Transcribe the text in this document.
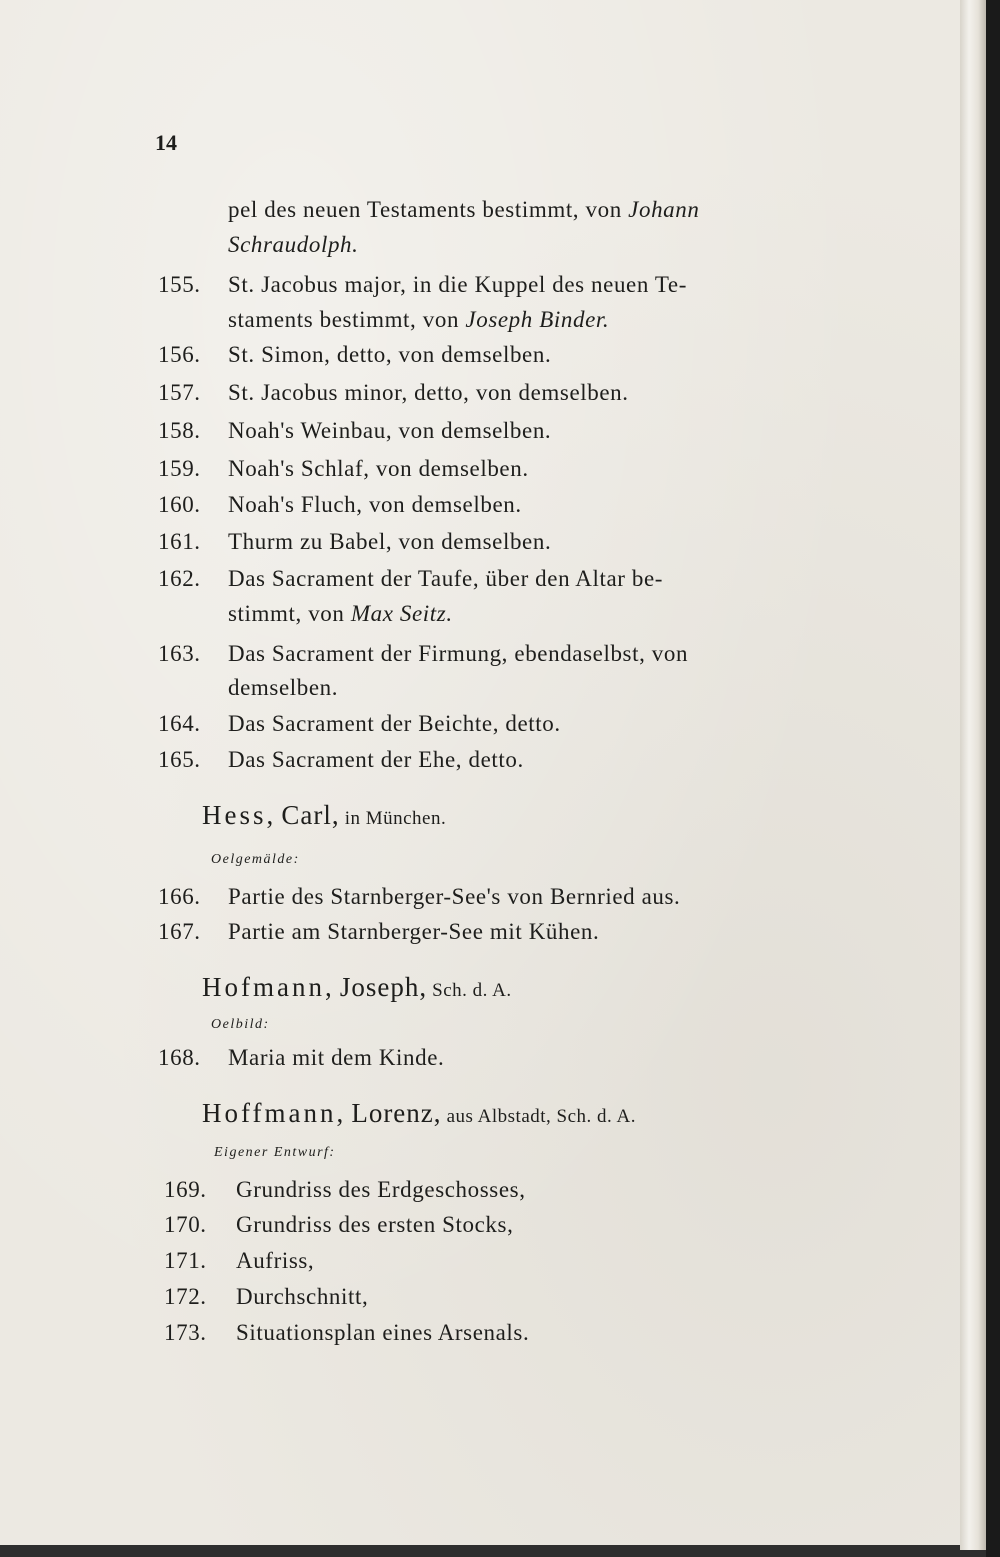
14
pel des neuen Testaments bestimmt, von Johann
Schraudolph.
155.	St. Jacobus major, in die Kuppel des neuen Te-
staments bestimmt, von Joseph Binder.
156.	St. Simon, detto, von demselben.
157.	St. Jacobus minor, detto, von demselben.
158.	Noah's Weinbau, von demselben.
159.	Noah's Schlaf, von demselben.
160.	Noah's Fluch, von demselben.
161.	Thurm zu Babel, von demselben.
162.	Das Sacrament der Taufe, über den Altar be-
stimmt, von Max Seitz.
163.	Das Sacrament der Firmung, ebendaselbst, von
demselben.
164.	Das Sacrament der Beichte, detto.
165.	Das Sacrament der Ehe, detto.
Hess, Carl, in München.
Oelgemälde:
166.	Partie des Starnberger-See's von Bernried aus.
167.	Partie am Starnberger-See mit Kühen.
Hofmann, Joseph, Sch. d. A.
Oelbild:
168.	Maria mit dem Kinde.
Hoffmann, Lorenz, aus Albstadt, Sch. d. A.
Eigener Entwurf:
169.	Grundriss des Erdgeschosses,
170.	Grundriss des ersten Stocks,
171.	Aufriss,
172.	Durchschnitt,
173.	Situationsplan eines Arsenals.
